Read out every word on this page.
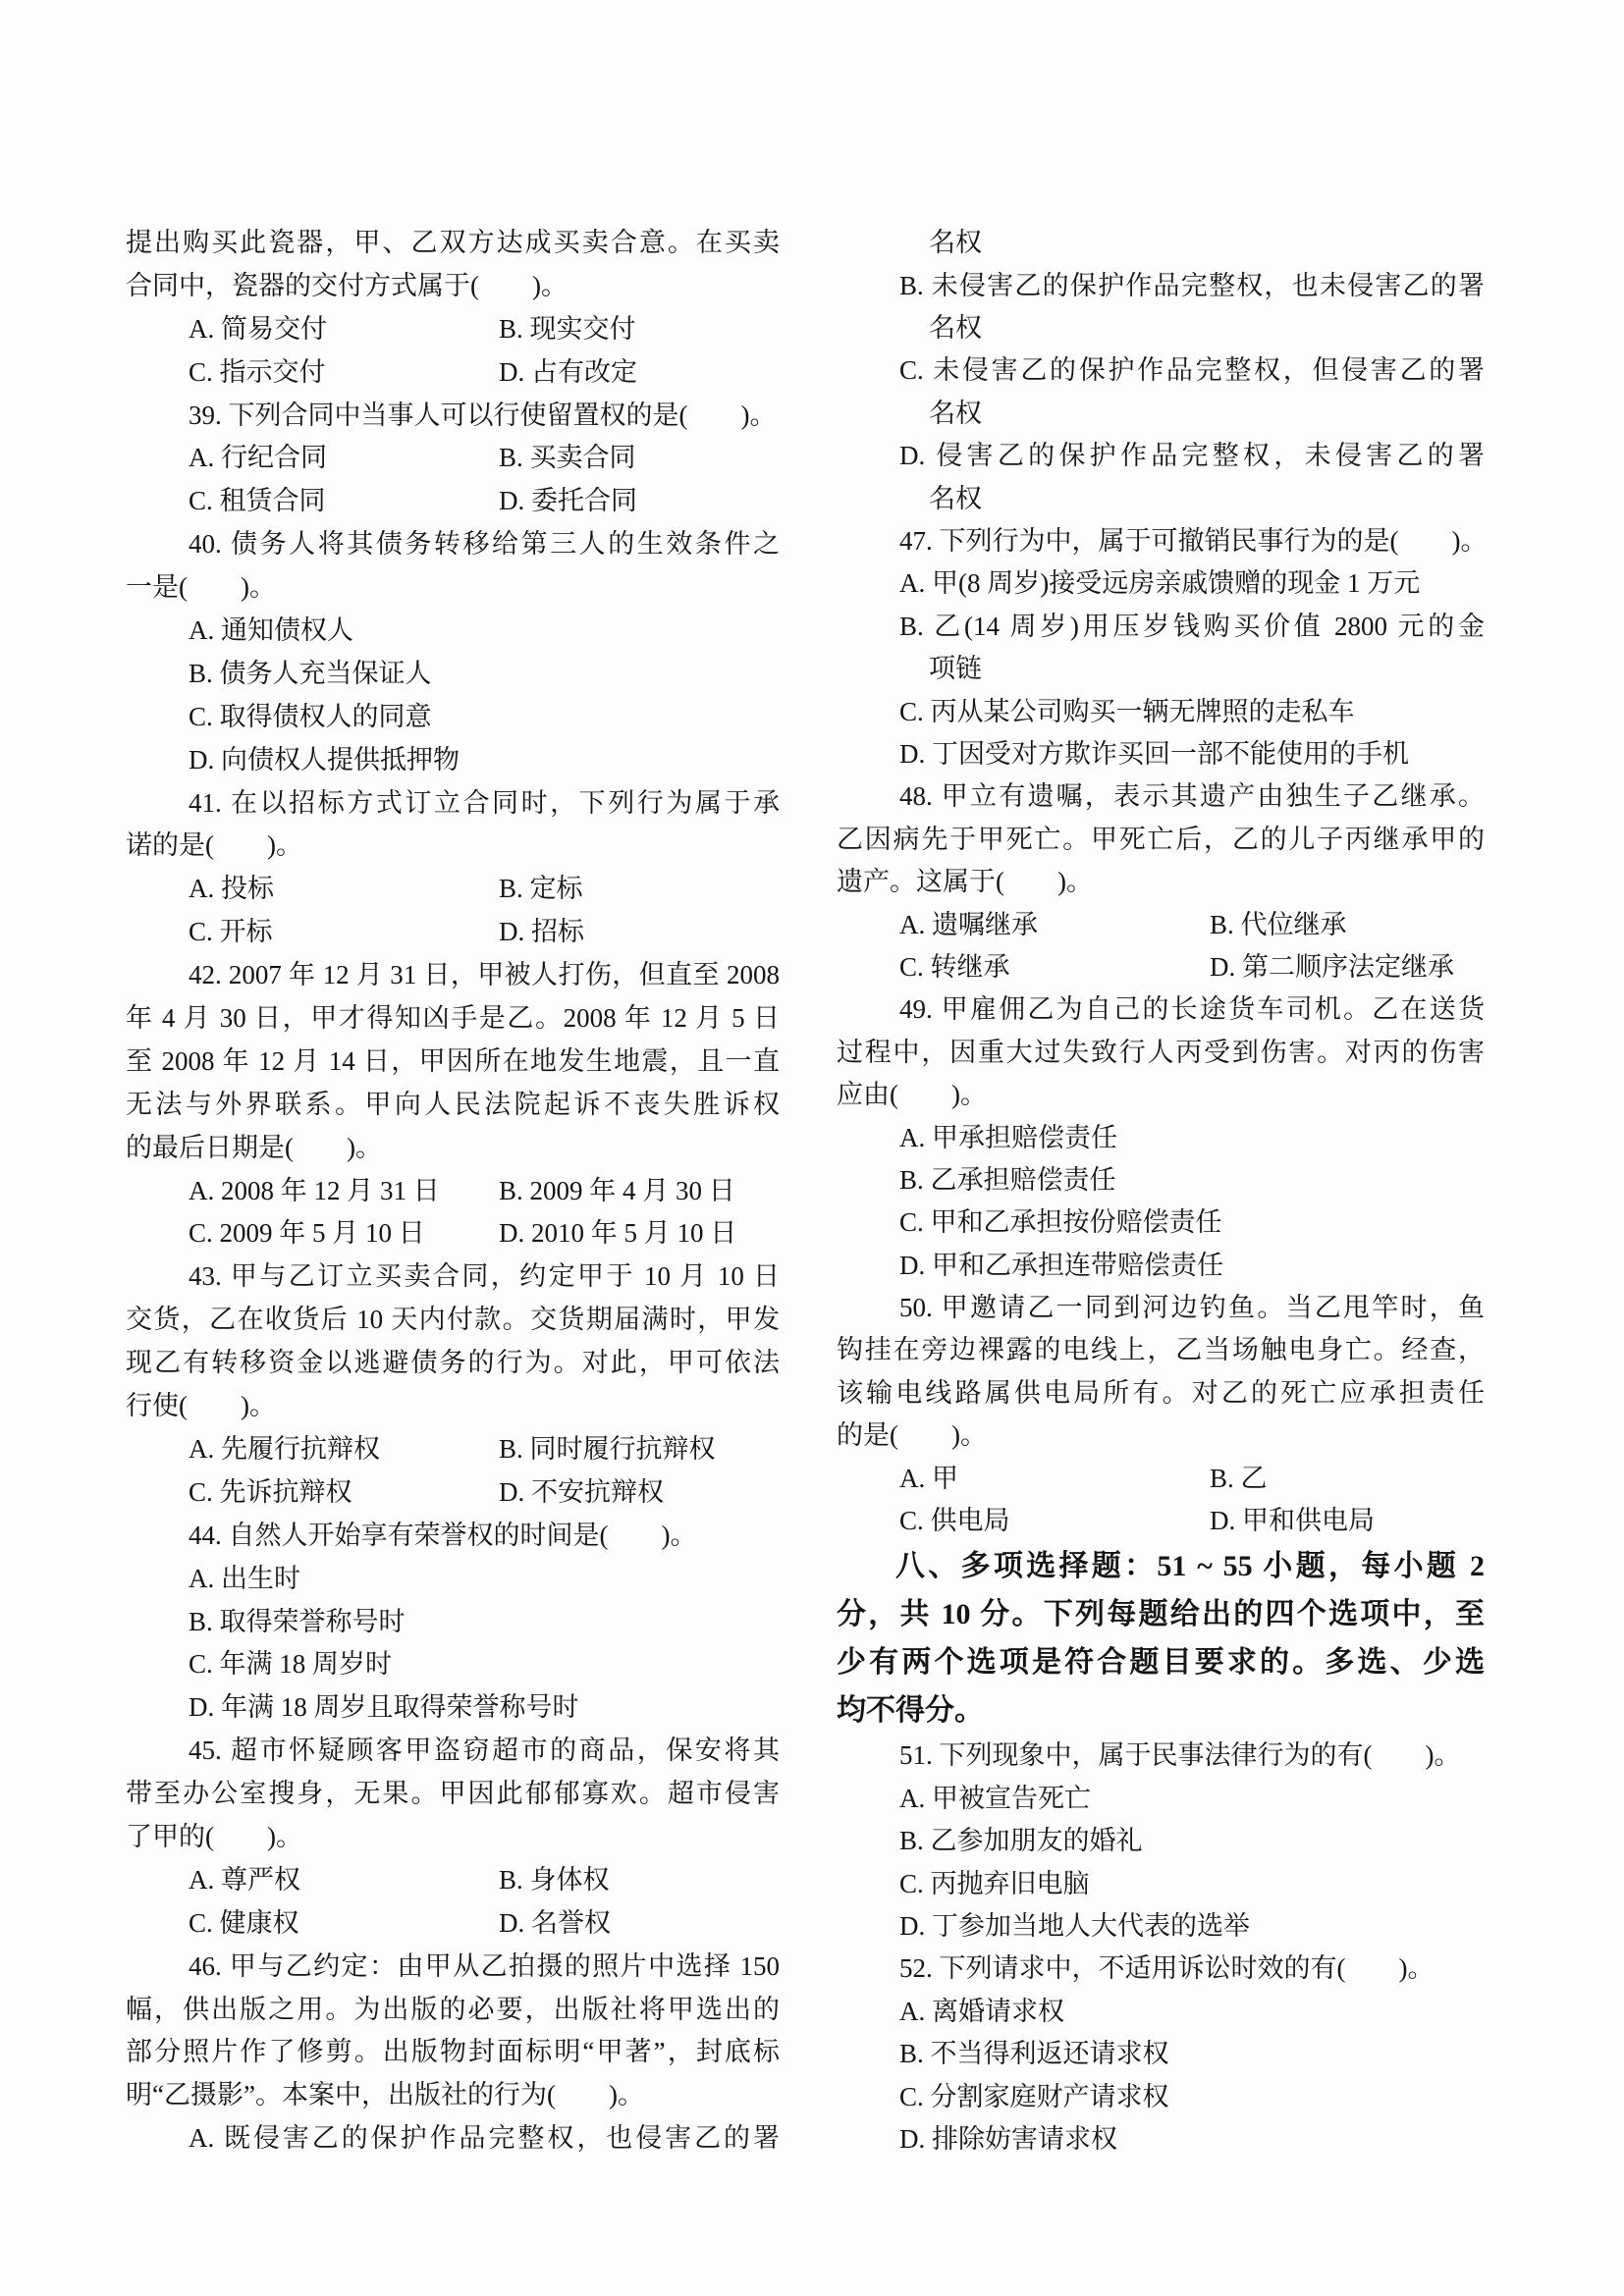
提出购买此瓷器，甲、乙双方达成买卖合意。在买卖
合同中，瓷器的交付方式属于(　　)。
A. 简易交付	B. 现实交付
C. 指示交付	D. 占有改定
39. 下列合同中当事人可以行使留置权的是(　　)。
A. 行纪合同	B. 买卖合同
C. 租赁合同	D. 委托合同
40. 债务人将其债务转移给第三人的生效条件之
一是(　　)。
A. 通知债权人
B. 债务人充当保证人
C. 取得债权人的同意
D. 向债权人提供抵押物
41. 在以招标方式订立合同时，下列行为属于承
诺的是(　　)。
A. 投标	B. 定标
C. 开标	D. 招标
42. 2007 年 12 月 31 日，甲被人打伤，但直至 2008
年 4 月 30 日，甲才得知凶手是乙。2008 年 12 月 5 日
至 2008 年 12 月 14 日，甲因所在地发生地震，且一直
无法与外界联系。甲向人民法院起诉不丧失胜诉权
的最后日期是(　　)。
A. 2008 年 12 月 31 日 B. 2009 年 4 月 30 日
C. 2009 年 5 月 10 日	D. 2010 年 5 月 10 日
43. 甲与乙订立买卖合同，约定甲于 10 月 10 日
交货，乙在收货后 10 天内付款。交货期届满时，甲发
现乙有转移资金以逃避债务的行为。对此，甲可依法
行使(　　)。
A. 先履行抗辩权	B. 同时履行抗辩权
C. 先诉抗辩权	D. 不安抗辩权
44. 自然人开始享有荣誉权的时间是(　　)。
A. 出生时
B. 取得荣誉称号时
C. 年满 18 周岁时
D. 年满 18 周岁且取得荣誉称号时
45. 超市怀疑顾客甲盗窃超市的商品，保安将其
带至办公室搜身，无果。甲因此郁郁寡欢。超市侵害
了甲的(　　)。
A. 尊严权	B. 身体权
C. 健康权	D. 名誉权
46. 甲与乙约定：由甲从乙拍摄的照片中选择 150
幅，供出版之用。为出版的必要，出版社将甲选出的
部分照片作了修剪。出版物封面标明“甲著”，封底标
明“乙摄影”。本案中，出版社的行为(　　)。
A. 既侵害乙的保护作品完整权，也侵害乙的署
名权
B. 未侵害乙的保护作品完整权，也未侵害乙的署
名权
C. 未侵害乙的保护作品完整权，但侵害乙的署
名权
D. 侵害乙的保护作品完整权，未侵害乙的署
名权
47. 下列行为中，属于可撤销民事行为的是(　　)。
A. 甲(8 周岁)接受远房亲戚馈赠的现金 1 万元
B. 乙(14 周岁)用压岁钱购买价值 2800 元的金
项链
C. 丙从某公司购买一辆无牌照的走私车
D. 丁因受对方欺诈买回一部不能使用的手机
48. 甲立有遗嘱，表示其遗产由独生子乙继承。
乙因病先于甲死亡。甲死亡后，乙的儿子丙继承甲的
遗产。这属于(　　)。
A. 遗嘱继承	B. 代位继承
C. 转继承	D. 第二顺序法定继承
49. 甲雇佣乙为自己的长途货车司机。乙在送货
过程中，因重大过失致行人丙受到伤害。对丙的伤害
应由(　　)。
A. 甲承担赔偿责任
B. 乙承担赔偿责任
C. 甲和乙承担按份赔偿责任
D. 甲和乙承担连带赔偿责任
50. 甲邀请乙一同到河边钓鱼。当乙甩竿时，鱼
钩挂在旁边裸露的电线上，乙当场触电身亡。经查，
该输电线路属供电局所有。对乙的死亡应承担责任
的是(　　)。
A. 甲	B. 乙
C. 供电局	D. 甲和供电局
八、多项选择题：51 ~ 55 小题，每小题 2
分，共 10 分。下列每题给出的四个选项中，至
少有两个选项是符合题目要求的。多选、少选
均不得分。
51. 下列现象中，属于民事法律行为的有(　　)。
A. 甲被宣告死亡
B. 乙参加朋友的婚礼
C. 丙抛弃旧电脑
D. 丁参加当地人大代表的选举
52. 下列请求中，不适用诉讼时效的有(　　)。
A. 离婚请求权
B. 不当得利返还请求权
C. 分割家庭财产请求权
D. 排除妨害请求权
